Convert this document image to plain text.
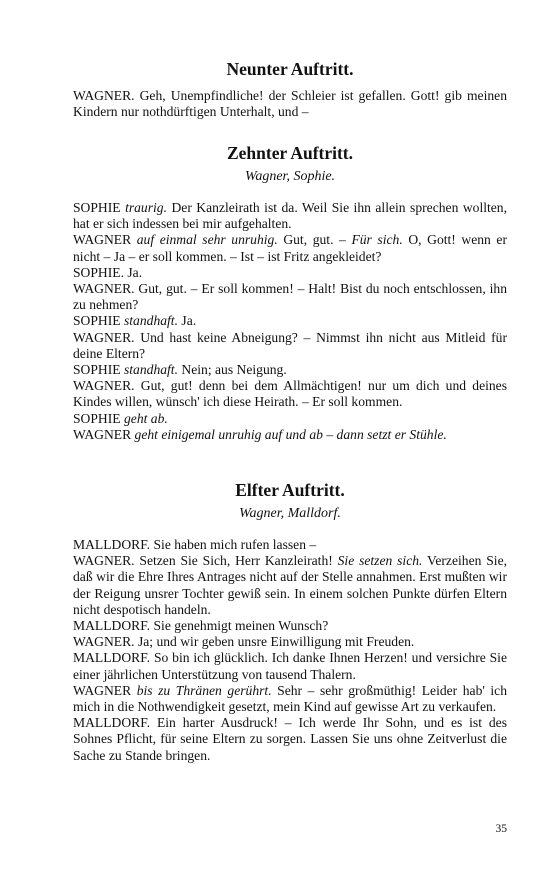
Neunter Auftritt.

WAGNER. Geh, Unempfindliche! der Schleier ist gefallen. Gott! gib meinen Kindern nur nothdürftigen Unterhalt, und –

Zehnter Auftritt.
Wagner, Sophie.

SOPHIE traurig. Der Kanzleirath ist da. Weil Sie ihn allein sprechen wollten, hat er sich indessen bei mir aufgehalten.

WAGNER auf einmal sehr unruhig. Gut, gut. – Für sich. O, Gott! wenn er nicht – Ja – er soll kommen. – Ist – ist Fritz angekleidet?

SOPHIE. Ja.

WAGNER. Gut, gut. – Er soll kommen! – Halt! Bist du noch entschlossen, ihn zu nehmen?

SOPHIE standhaft. Ja.

WAGNER. Und hast keine Abneigung? – Nimmst ihn nicht aus Mitleid für deine Eltern?

SOPHIE standhaft. Nein; aus Neigung.

WAGNER. Gut, gut! denn bei dem Allmächtigen! nur um dich und deines Kindes willen, wünsch' ich diese Heirath. – Er soll kommen.

SOPHIE geht ab.

WAGNER geht einigemal unruhig auf und ab – dann setzt er Stühle.

Elfter Auftritt.
Wagner, Malldorf.

MALLDORF. Sie haben mich rufen lassen –

WAGNER. Setzen Sie Sich, Herr Kanzleirath! Sie setzen sich. Verzeihen Sie, daß wir die Ehre Ihres Antrages nicht auf der Stelle annahmen. Erst mußten wir der Reigung unsrer Tochter gewiß sein. In einem solchen Punkte dürfen Eltern nicht despotisch handeln.

MALLDORF. Sie genehmigt meinen Wunsch?

WAGNER. Ja; und wir geben unsre Einwilligung mit Freuden.

MALLDORF. So bin ich glücklich. Ich danke Ihnen Herzen! und versichre Sie einer jährlichen Unterstützung von tausend Thalern.

WAGNER bis zu Thränen gerührt. Sehr – sehr großmüthig! Leider hab' ich mich in die Nothwendigkeit gesetzt, mein Kind auf gewisse Art zu verkaufen.

MALLDORF. Ein harter Ausdruck! – Ich werde Ihr Sohn, und es ist des Sohnes Pflicht, für seine Eltern zu sorgen. Lassen Sie uns ohne Zeitverlust die Sache zu Stande bringen.

35
